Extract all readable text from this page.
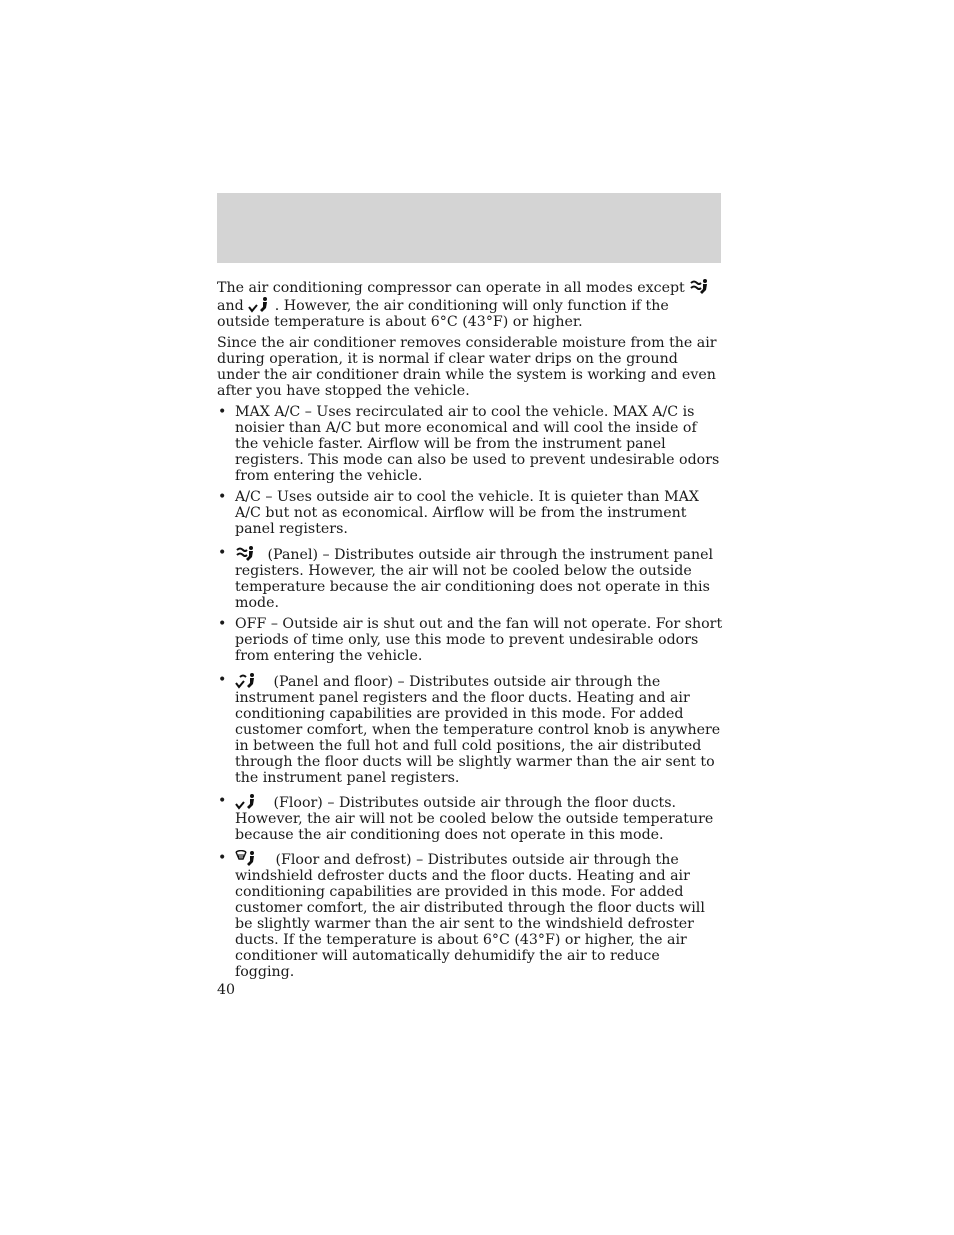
The air conditioning compressor can operate in all modes except

and . However, the air conditioning will only function if the outside temperature is about 6°C (43°F) or higher.

Since the air conditioner removes considerable moisture from the air during operation, it is normal if clear water drips on the ground under the air conditioner drain while the system is working and even after you have stopped the vehicle.

• MAX A/C – Uses recirculated air to cool the vehicle. MAX A/C is noisier than A/C but more economical and will cool the inside of the vehicle faster. Airflow will be from the instrument panel registers. This mode can also be used to prevent undesirable odors from entering the vehicle.
• A/C – Uses outside air to cool the vehicle. It is quieter than MAX A/C but not as economical. Airflow will be from the instrument panel registers.
•	(Panel) – Distributes outside air through the instrument panel registers. However, the air will not be cooled below the outside temperature because the air conditioning does not operate in this mode.
• OFF – Outside air is shut out and the fan will not operate. For short periods of time only, use this mode to prevent undesirable odors from entering the vehicle.
•	(Panel and floor) – Distributes outside air through the instrument panel registers and the floor ducts. Heating and air conditioning capabilities are provided in this mode. For added customer comfort, when the temperature control knob is anywhere in between the full hot and full cold positions, the air distributed through the floor ducts will be slightly warmer than the air sent to the instrument panel registers.
•	(Floor) – Distributes outside air through the floor ducts. However, the air will not be cooled below the outside temperature because the air conditioning does not operate in this mode.
•	(Floor and defrost) – Distributes outside air through the windshield defroster ducts and the floor ducts. Heating and air conditioning capabilities are provided in this mode. For added customer comfort, the air distributed through the floor ducts will be slightly warmer than the air sent to the windshield defroster ducts. If the temperature is about 6°C (43°F) or higher, the air conditioner will automatically dehumidify the air to reduce fogging.
40
